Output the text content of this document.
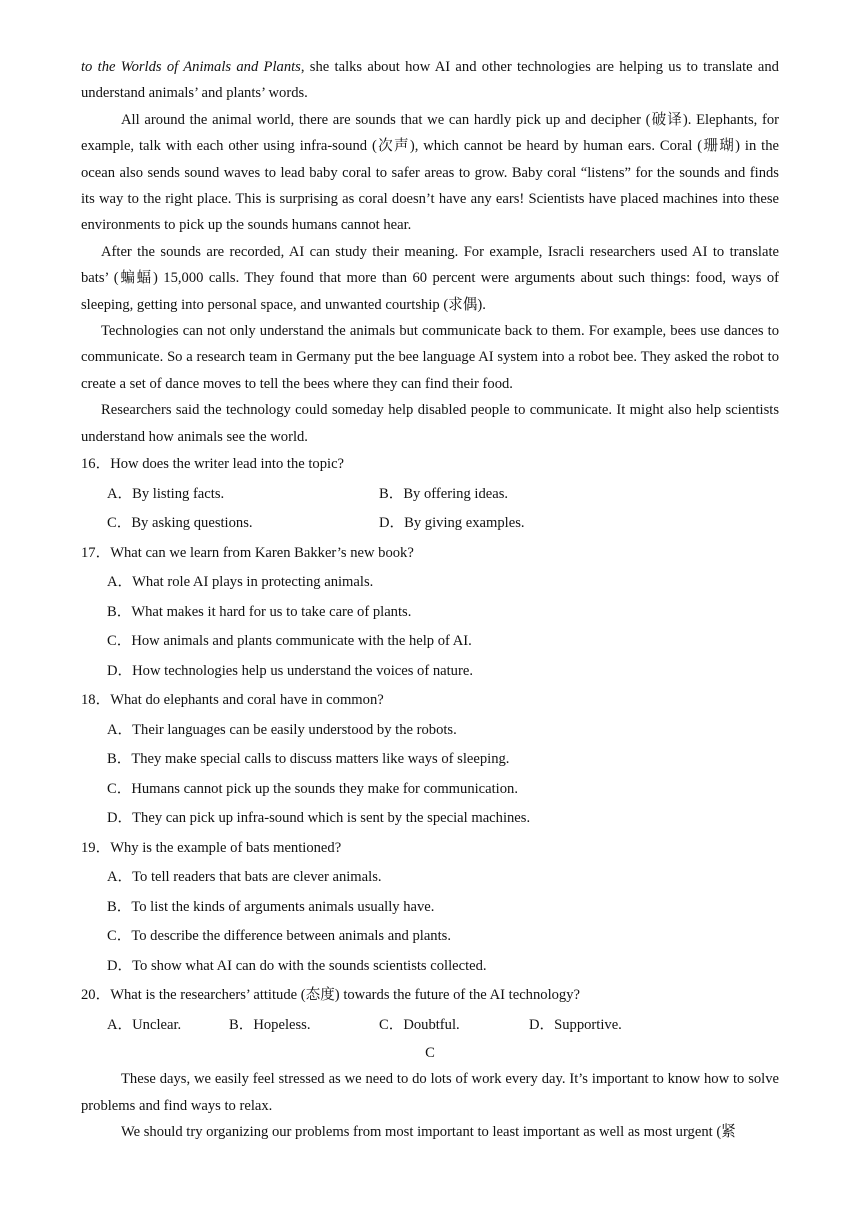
to the Worlds of Animals and Plants, she talks about how AI and other technologies are helping us to translate and understand animals’ and plants’ words.

All around the animal world, there are sounds that we can hardly pick up and decipher (破译). Elephants, for example, talk with each other using infra-sound (次声), which cannot be heard by human ears. Coral (珊瑚) in the ocean also sends sound waves to lead baby coral to safer areas to grow. Baby coral “listens” for the sounds and finds its way to the right place. This is surprising as coral doesn’t have any ears! Scientists have placed machines into these environments to pick up the sounds humans cannot hear.

After the sounds are recorded, AI can study their meaning. For example, Isracli researchers used AI to translate bats’ (蝙蝠) 15,000 calls. They found that more than 60 percent were arguments about such things: food, ways of sleeping, getting into personal space, and unwanted courtship (求偶).

Technologies can not only understand the animals but communicate back to them. For example, bees use dances to communicate. So a research team in Germany put the bee language AI system into a robot bee. They asked the robot to create a set of dance moves to tell the bees where they can find their food.

Researchers said the technology could someday help disabled people to communicate. It might also help scientists understand how animals see the world.

16．How does the writer lead into the topic?

A．By listing facts.	B．By offering ideas.
C．By asking questions.	D．By giving examples.

17．What can we learn from Karen Bakker’s new book?

A．What role AI plays in protecting animals.
B．What makes it hard for us to take care of plants.
C．How animals and plants communicate with the help of AI.
D．How technologies help us understand the voices of nature.

18．What do elephants and coral have in common?

A．Their languages can be easily understood by the robots.
B．They make special calls to discuss matters like ways of sleeping.
C．Humans cannot pick up the sounds they make for communication.
D．They can pick up infra-sound which is sent by the special machines.

19．Why is the example of bats mentioned?

A．To tell readers that bats are clever animals.
B．To list the kinds of arguments animals usually have.
C．To describe the difference between animals and plants.
D．To show what AI can do with the sounds scientists collected.

20．What is the researchers’ attitude (态度) towards the future of the AI technology?

A．Unclear.	B．Hopeless.	C．Doubtful.	D．Supportive.

C

These days, we easily feel stressed as we need to do lots of work every day. It’s important to know how to solve problems and find ways to relax.

We should try organizing our problems from most important to least important as well as most urgent (紧
